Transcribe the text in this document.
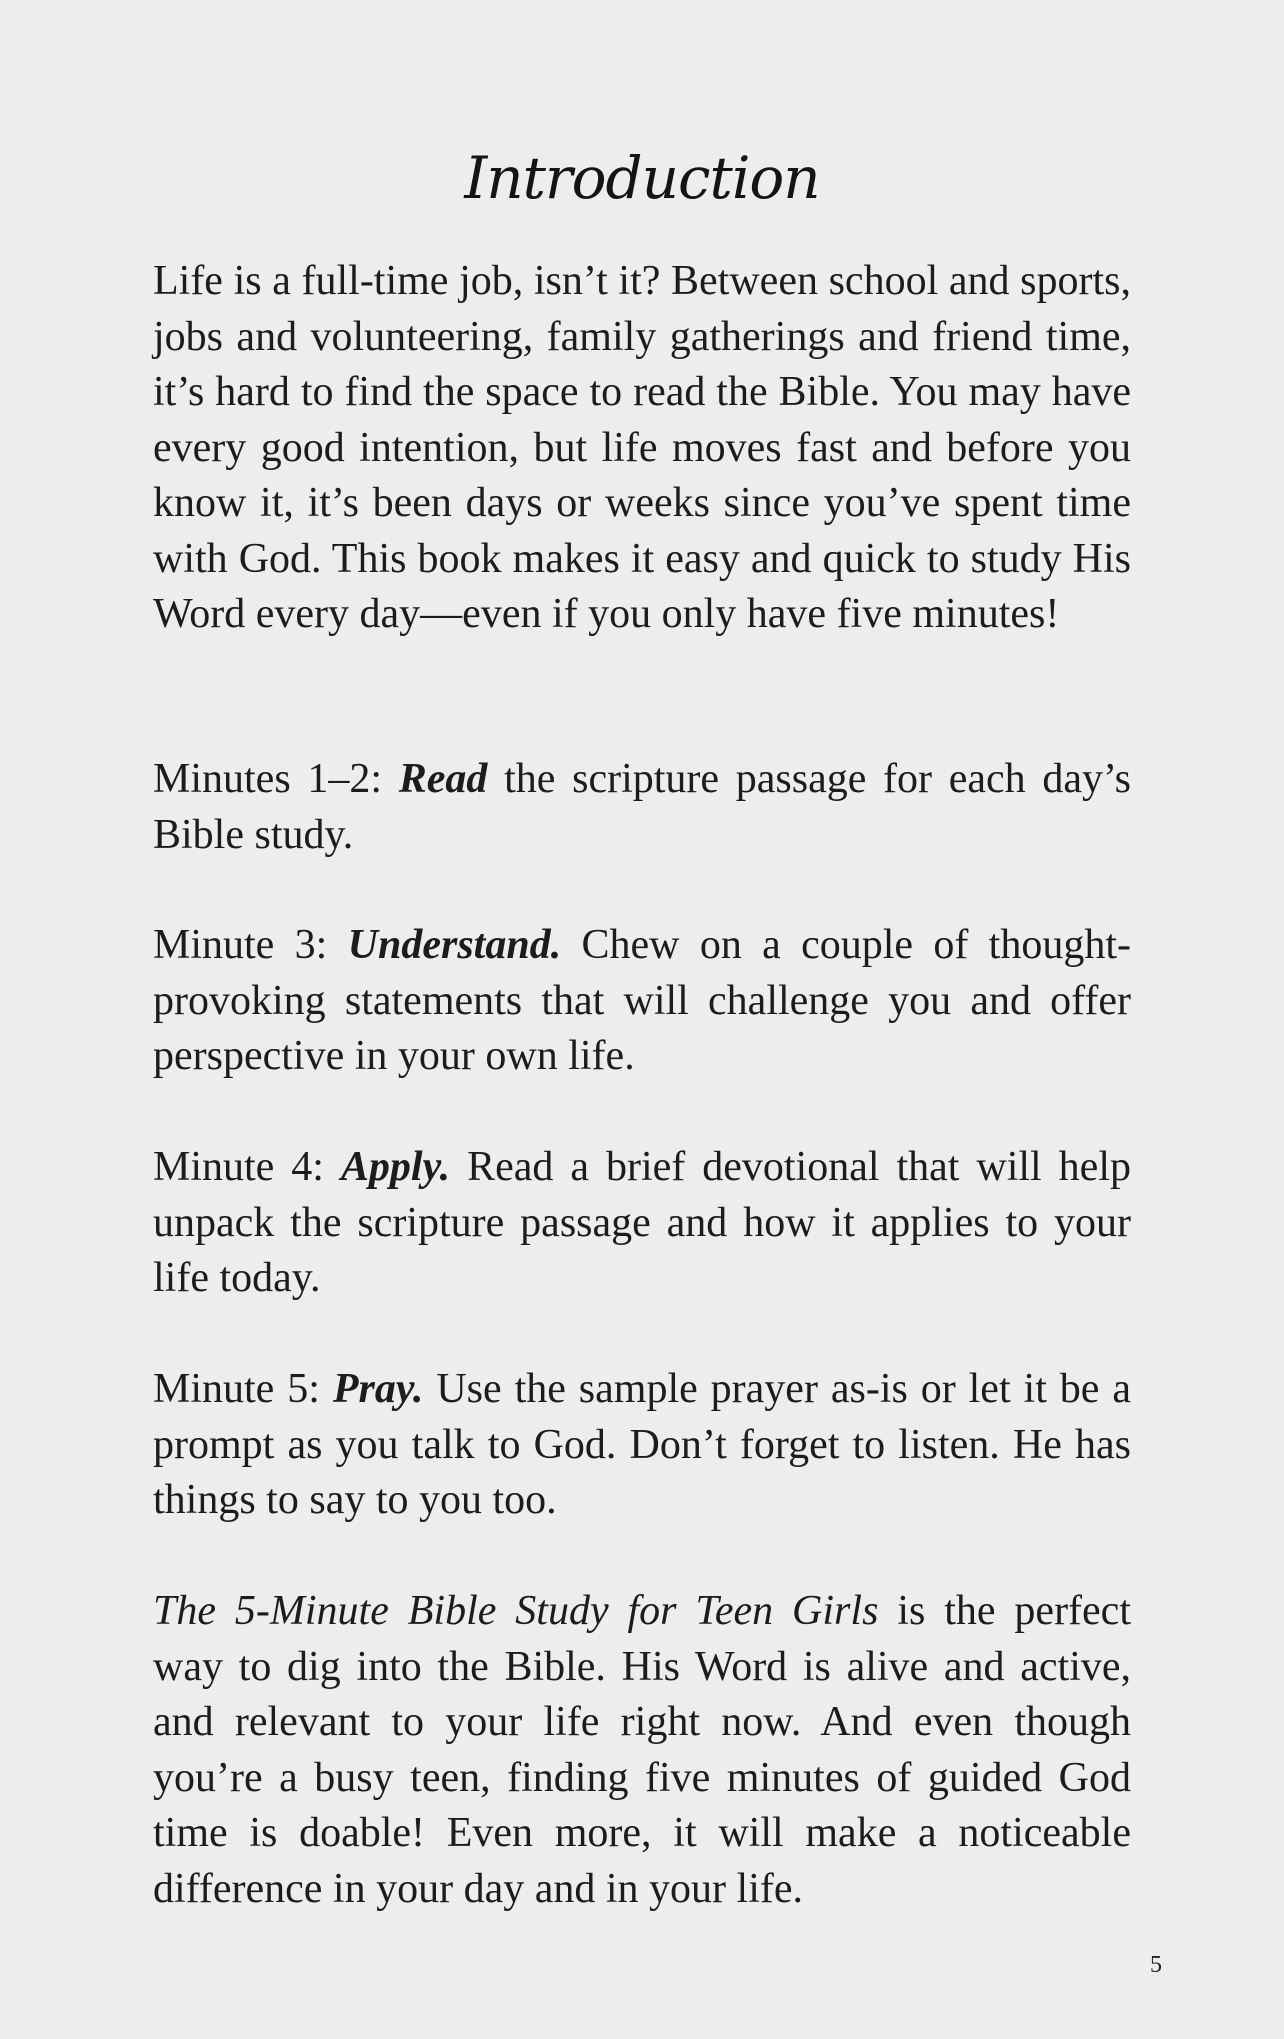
Introduction

Life is a full-time job, isn’t it? Between school and sports, jobs and volunteering, family gatherings and friend time, it’s hard to find the space to read the Bible. You may have every good intention, but life moves fast and before you know it, it’s been days or weeks since you’ve spent time with God. This book makes it easy and quick to study His Word every day—even if you only have five minutes!

Minutes 1–2: Read the scripture passage for each day’s Bible study.

Minute 3: Understand. Chew on a couple of thought-provoking statements that will challenge you and offer perspective in your own life.

Minute 4: Apply. Read a brief devotional that will help unpack the scripture passage and how it applies to your life today.

Minute 5: Pray. Use the sample prayer as-is or let it be a prompt as you talk to God. Don’t forget to listen. He has things to say to you too.

The 5-Minute Bible Study for Teen Girls is the perfect way to dig into the Bible. His Word is alive and active, and relevant to your life right now. And even though you’re a busy teen, finding five minutes of guided God time is doable! Even more, it will make a noticeable difference in your day and in your life.

5
